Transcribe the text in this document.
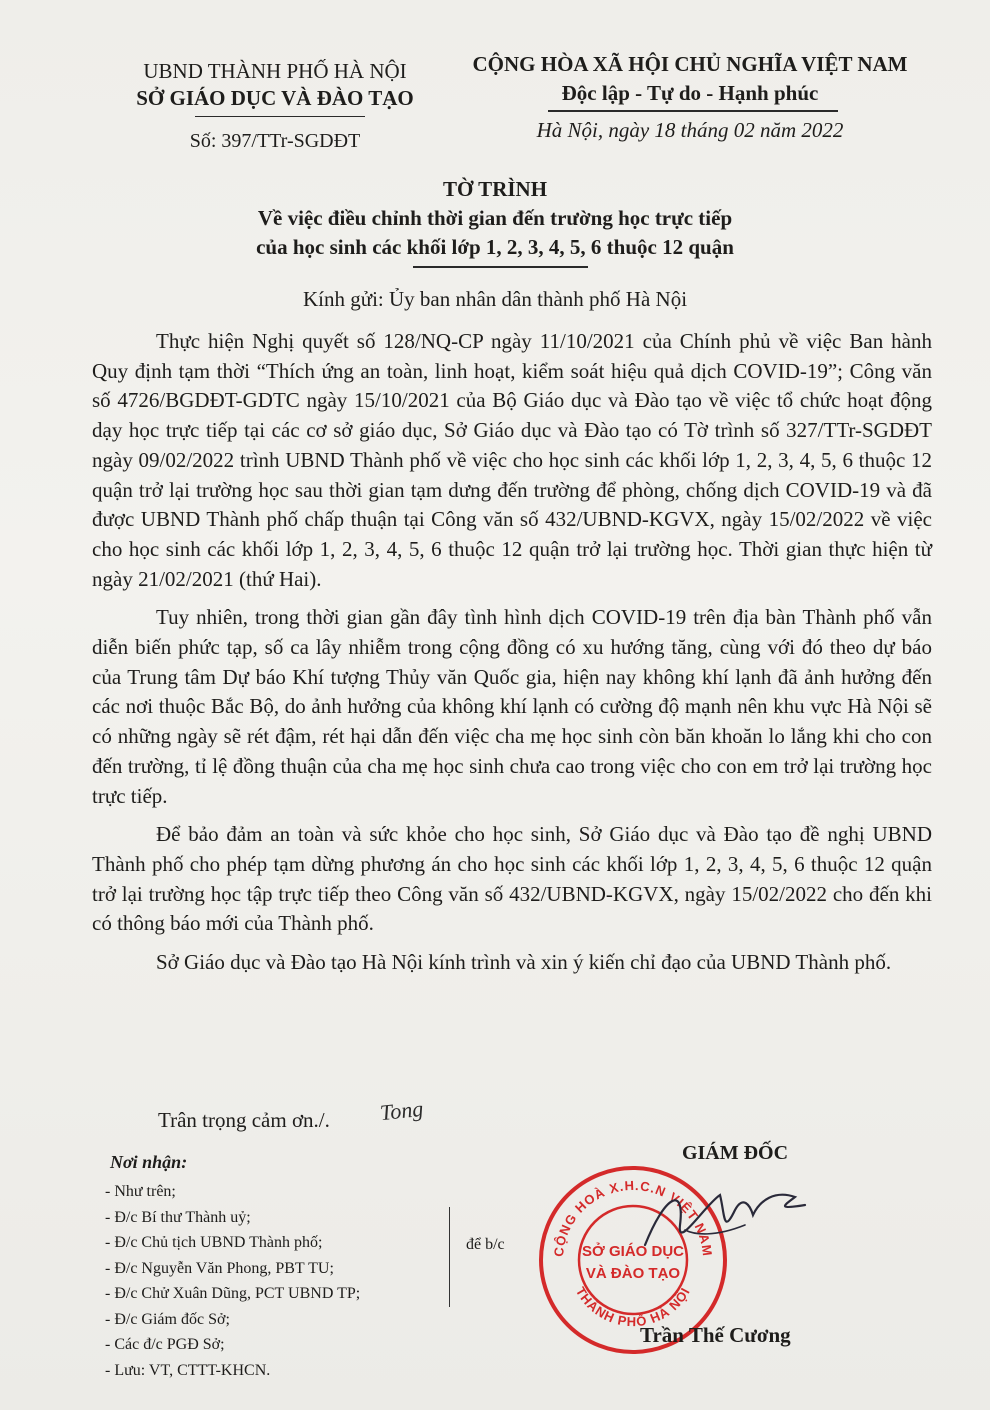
UBND THÀNH PHỐ HÀ NỘI
SỞ GIÁO DỤC VÀ ĐÀO TẠO
Số: 397/TTr-SGDĐT
CỘNG HÒA XÃ HỘI CHỦ NGHĨA VIỆT NAM
Độc lập - Tự do - Hạnh phúc
Hà Nội, ngày 18 tháng 02 năm 2022
TỜ TRÌNH
Về việc điều chỉnh thời gian đến trường học trực tiếp
của học sinh các khối lớp 1, 2, 3, 4, 5, 6 thuộc 12 quận
Kính gửi: Ủy ban nhân dân thành phố Hà Nội

Thực hiện Nghị quyết số 128/NQ-CP ngày 11/10/2021 của Chính phủ về việc Ban hành Quy định tạm thời “Thích ứng an toàn, linh hoạt, kiểm soát hiệu quả dịch COVID-19”; Công văn số 4726/BGDĐT-GDTC ngày 15/10/2021 của Bộ Giáo dục và Đào tạo về việc tổ chức hoạt động dạy học trực tiếp tại các cơ sở giáo dục, Sở Giáo dục và Đào tạo có Tờ trình số 327/TTr-SGDĐT ngày 09/02/2022 trình UBND Thành phố về việc cho học sinh các khối lớp 1, 2, 3, 4, 5, 6 thuộc 12 quận trở lại trường học sau thời gian tạm dưng đến trường để phòng, chống dịch COVID-19 và đã được UBND Thành phố chấp thuận tại Công văn số 432/UBND-KGVX, ngày 15/02/2022 về việc cho học sinh các khối lớp 1, 2, 3, 4, 5, 6 thuộc 12 quận trở lại trường học. Thời gian thực hiện từ ngày 21/02/2021 (thứ Hai).

Tuy nhiên, trong thời gian gần đây tình hình dịch COVID-19 trên địa bàn Thành phố vẫn diễn biến phức tạp, số ca lây nhiễm trong cộng đồng có xu hướng tăng, cùng với đó theo dự báo của Trung tâm Dự báo Khí tượng Thủy văn Quốc gia, hiện nay không khí lạnh đã ảnh hưởng đến các nơi thuộc Bắc Bộ, do ảnh hưởng của không khí lạnh có cường độ mạnh nên khu vực Hà Nội sẽ có những ngày sẽ rét đậm, rét hại dẫn đến việc cha mẹ học sinh còn băn khoăn lo lắng khi cho con đến trường, tỉ lệ đồng thuận của cha mẹ học sinh chưa cao trong việc cho con em trở lại trường học trực tiếp.

Để bảo đảm an toàn và sức khỏe cho học sinh, Sở Giáo dục và Đào tạo đề nghị UBND Thành phố cho phép tạm dừng phương án cho học sinh các khối lớp 1, 2, 3, 4, 5, 6 thuộc 12 quận trở lại trường học tập trực tiếp theo Công văn số 432/UBND-KGVX, ngày 15/02/2022 cho đến khi có thông báo mới của Thành phố.

Sở Giáo dục và Đào tạo Hà Nội kính trình và xin ý kiến chỉ đạo của UBND Thành phố.

Trân trọng cảm ơn./. Tong
Nơi nhận:
- Như trên;
- Đ/c Bí thư Thành uỷ;
- Đ/c Chủ tịch UBND Thành phố;
- Đ/c Nguyễn Văn Phong, PBT TU;
- Đ/c Chử Xuân Dũng, PCT UBND TP;
- Đ/c Giám đốc Sở;
- Các đ/c PGĐ Sở;
- Lưu: VT, CTTT-KHCN.
để b/c
GIÁM ĐỐC
CỘNG HOÀ X.H.C.N VIỆT NAM
THÀNH PHỐ HÀ NỘI
SỞ GIÁO DỤC
VÀ ĐÀO TẠO
Trần Thế Cương
